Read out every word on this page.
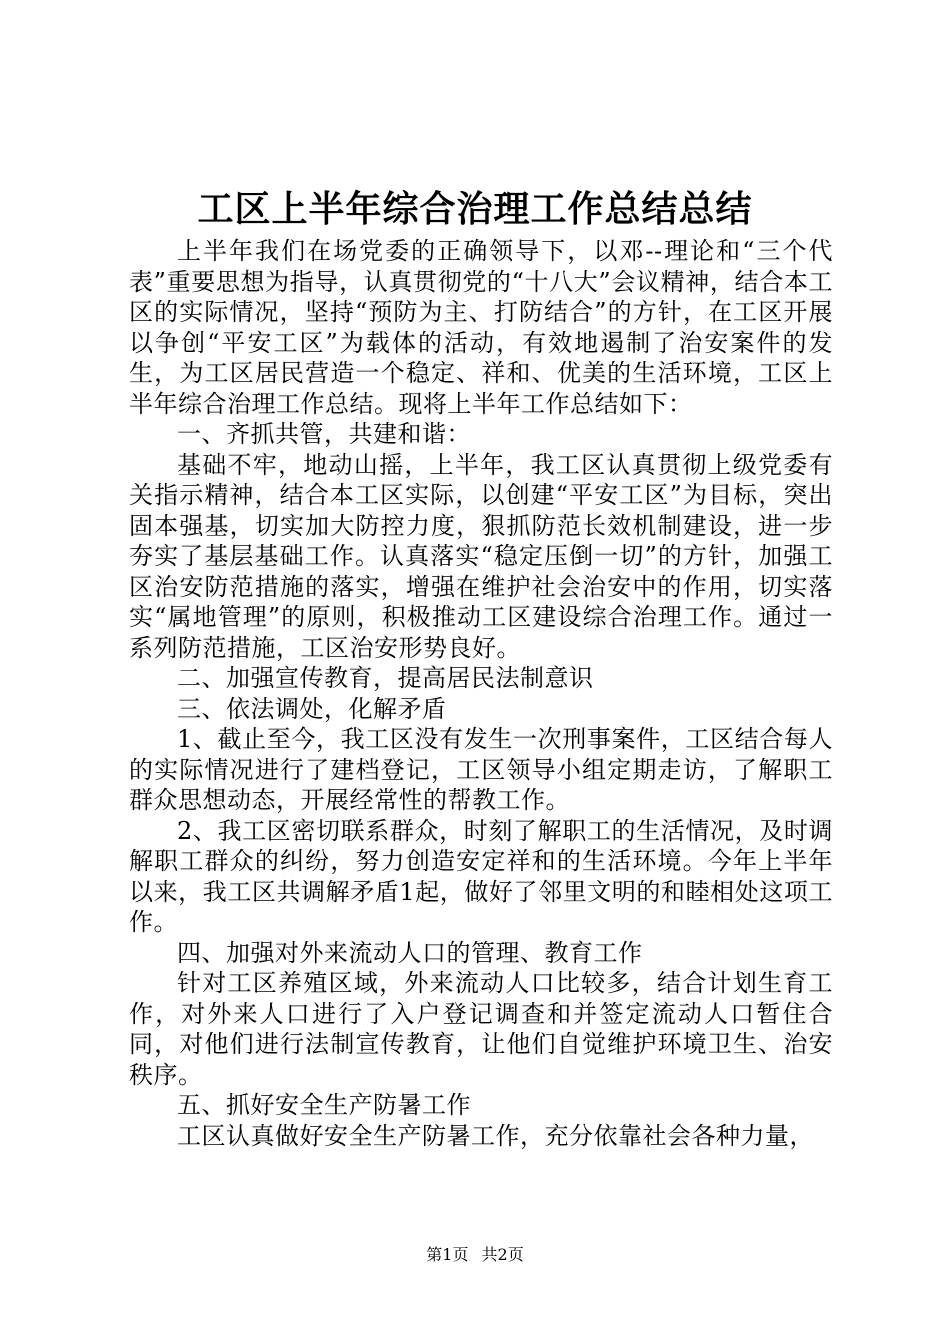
工区上半年综合治理工作总结总结

上半年我们在场党委的正确领导下，以邓--理论和“三个代表”重要思想为指导，认真贯彻党的“十八大”会议精神，结合本工区的实际情况，坚持“预防为主、打防结合”的方针，在工区开展以争创“平安工区”为载体的活动，有效地遏制了治安案件的发生，为工区居民营造一个稳定、祥和、优美的生活环境，工区上半年综合治理工作总结。现将上半年工作总结如下：

一、齐抓共管，共建和谐：

基础不牢，地动山摇，上半年，我工区认真贯彻上级党委有关指示精神，结合本工区实际，以创建“平安工区”为目标，突出固本强基，切实加大防控力度，狠抓防范长效机制建设，进一步夯实了基层基础工作。认真落实“稳定压倒一切”的方针，加强工区治安防范措施的落实，增强在维护社会治安中的作用，切实落实“属地管理”的原则，积极推动工区建设综合治理工作。通过一系列防范措施，工区治安形势良好。

二、加强宣传教育，提高居民法制意识

三、依法调处，化解矛盾

1、截止至今，我工区没有发生一次刑事案件，工区结合每人的实际情况进行了建档登记，工区领导小组定期走访，了解职工群众思想动态，开展经常性的帮教工作。

2、我工区密切联系群众，时刻了解职工的生活情况，及时调解职工群众的纠纷，努力创造安定祥和的生活环境。今年上半年以来，我工区共调解矛盾1起，做好了邻里文明的和睦相处这项工作。

四、加强对外来流动人口的管理、教育工作

针对工区养殖区域，外来流动人口比较多，结合计划生育工作，对外来人口进行了入户登记调查和并签定流动人口暂住合同，对他们进行法制宣传教育，让他们自觉维护环境卫生、治安秩序。

五、抓好安全生产防暑工作

工区认真做好安全生产防暑工作，充分依靠社会各种力量，

第1页 共2页
